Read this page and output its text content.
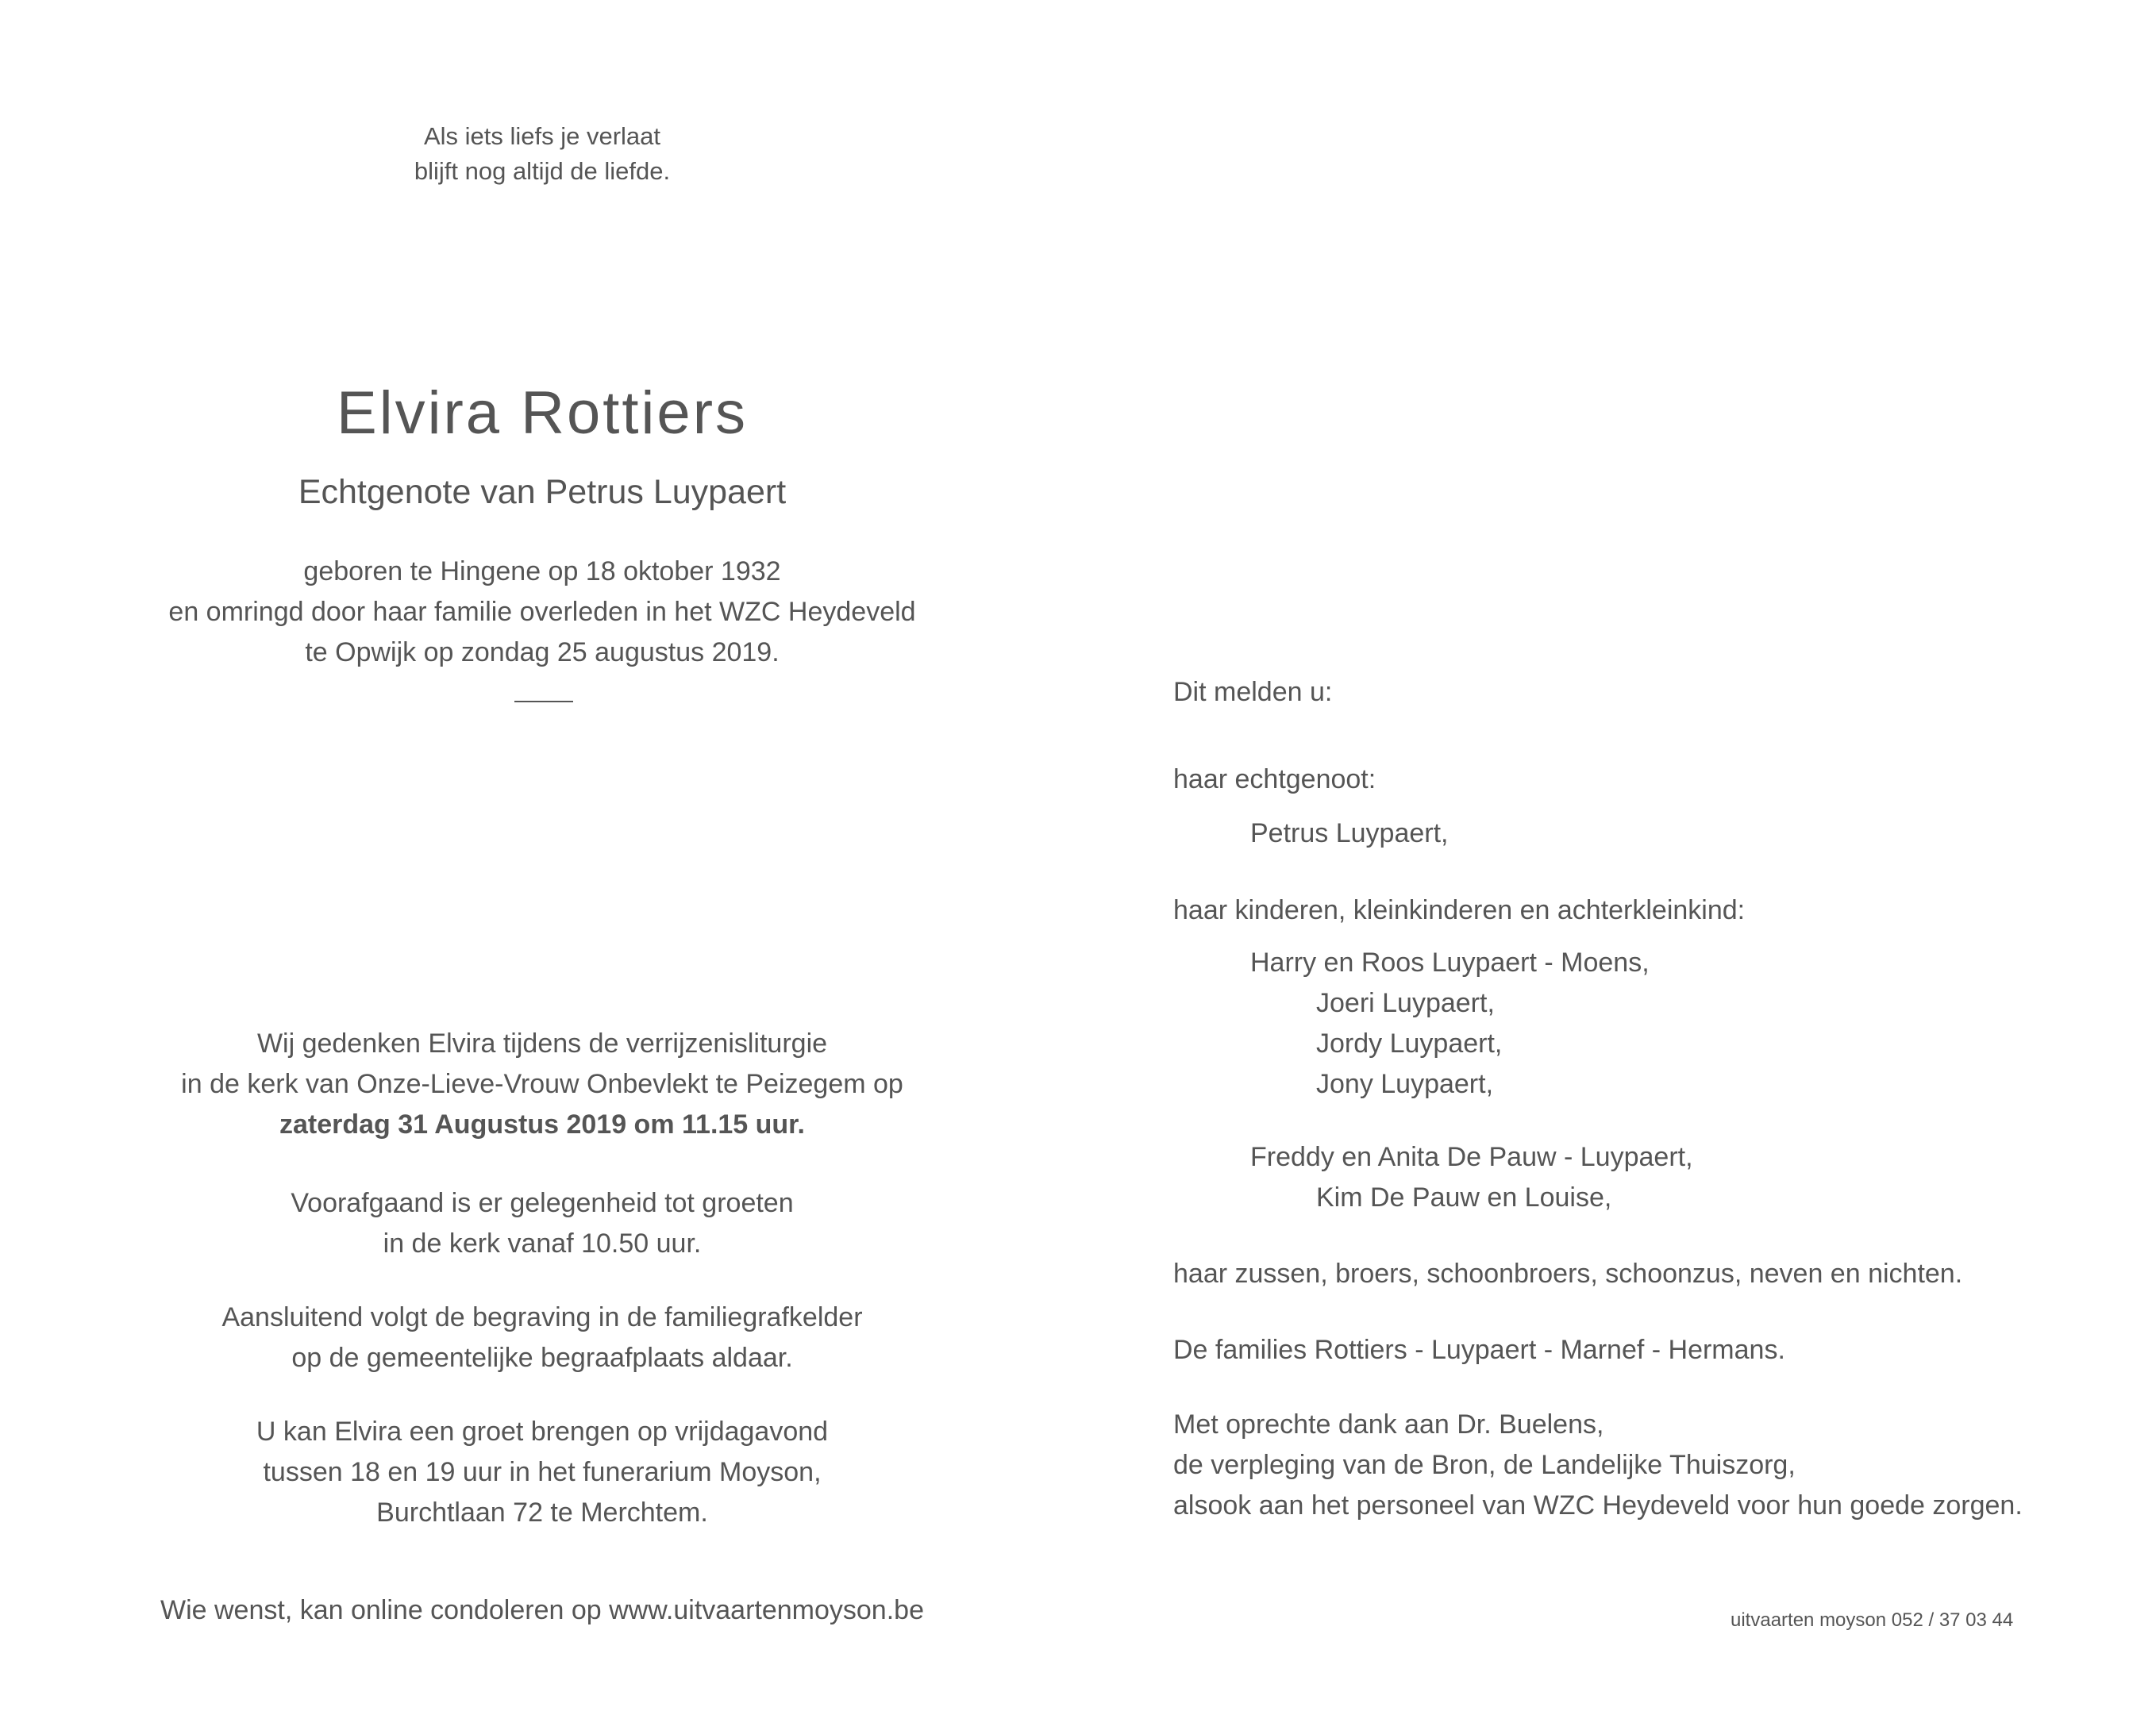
Als iets liefs je verlaat
blijft nog altijd de liefde.
Elvira Rottiers
Echtgenote van Petrus Luypaert
geboren te Hingene op 18 oktober 1932
en omringd door haar familie overleden in het WZC Heydeveld
te Opwijk op zondag 25 augustus 2019.
Wij gedenken Elvira tijdens de verrijzenisliturgie
in de kerk van Onze-Lieve-Vrouw Onbevlekt te Peizegem op
zaterdag 31 Augustus 2019 om 11.15 uur.
Voorafgaand is er gelegenheid tot groeten
in de kerk vanaf 10.50 uur.
Aansluitend volgt de begraving in de familiegrafkelder
op de gemeentelijke begraafplaats aldaar.
U kan Elvira een groet brengen op vrijdagavond
tussen 18 en 19 uur in het funerarium Moyson,
Burchtlaan 72 te Merchtem.
Wie wenst, kan online condoleren op www.uitvaartenmoyson.be
Dit melden u:
haar echtgenoot:
Petrus Luypaert,
haar kinderen, kleinkinderen en achterkleinkind:
Harry en Roos Luypaert - Moens,
Joeri Luypaert,
Jordy Luypaert,
Jony Luypaert,
Freddy en Anita De Pauw - Luypaert,
Kim De Pauw en Louise,
haar zussen, broers, schoonbroers, schoonzus, neven en nichten.
De families Rottiers - Luypaert - Marnef - Hermans.
Met oprechte dank aan Dr. Buelens,
de verpleging van de Bron, de Landelijke Thuiszorg,
alsook aan het personeel van WZC Heydeveld voor hun goede zorgen.
uitvaarten moyson 052 / 37 03 44
